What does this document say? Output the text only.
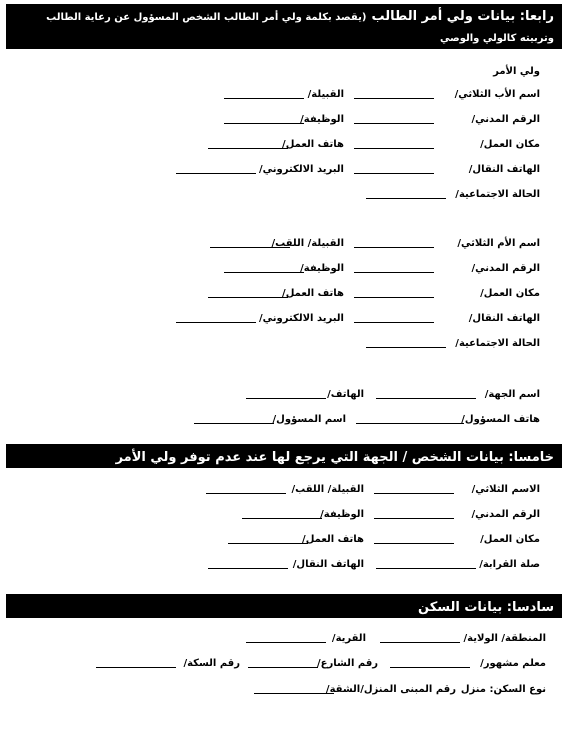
رابعا: بيانات ولي أمر الطالب (يقصد بكلمة ولي أمر الطالب الشخص المسؤول عن رعاية الطالب وتربيته كالولي والوصي
والحاضن والجهات المنوطة بها الرعاية البديلة)
ولي الأمر
اسم الأب الثلاثي/
القبيلة/
الرقم المدني/
الوظيفة/
مكان العمل/
هاتف العمل/
الهاتف النقال/
البريد الالكتروني/
الحالة الاجتماعية/
اسم الأم الثلاثي/
القبيلة/ اللقب/
الرقم المدني/
الوظيفة/
مكان العمل/
هاتف العمل/
الهاتف النقال/
البريد الالكتروني/
الحالة الاجتماعية/
اسم الجهة/
الهاتف/
هاتف المسؤول/
اسم المسؤول/
خامسا: بيانات الشخص / الجهة التي يرجع لها عند عدم توفر ولي الأمر
الاسم الثلاثي/
القبيلة/ اللقب/
الرقم المدني/
الوظيفة/
مكان العمل/
هاتف العمل/
صلة القرابة/
الهاتف النقال/
سادسا: بيانات السكن
المنطقة/ الولاية/
القرية/
معلم مشهور/
رقم الشارع/
رقم السكة/
نوع السكن: منزل
رقم المبنى المنزل/الشقة/
